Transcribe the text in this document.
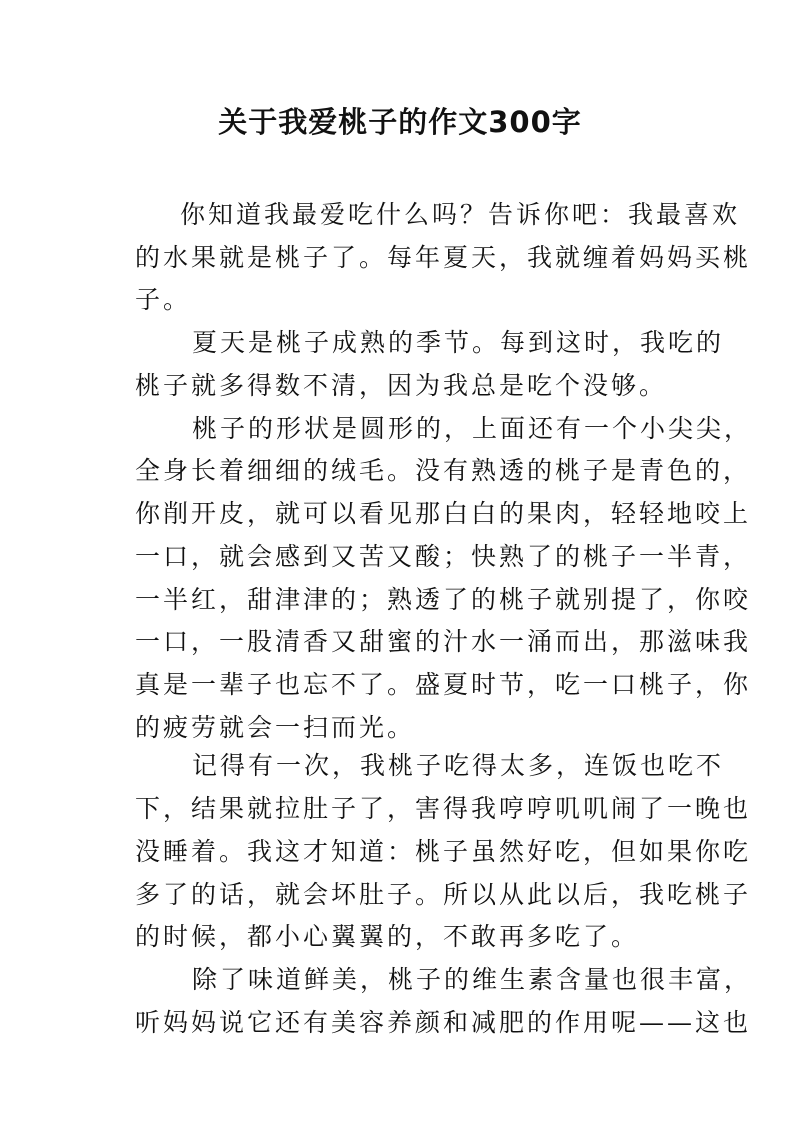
关于我爱桃子的作文300字
你知道我最爱吃什么吗？告诉你吧：我最喜欢
的水果就是桃子了。每年夏天，我就缠着妈妈买桃
子。
夏天是桃子成熟的季节。每到这时，我吃的
桃子就多得数不清，因为我总是吃个没够。
桃子的形状是圆形的，上面还有一个小尖尖，
全身长着细细的绒毛。没有熟透的桃子是青色的，
你削开皮，就可以看见那白白的果肉，轻轻地咬上
一口，就会感到又苦又酸；快熟了的桃子一半青，
一半红，甜津津的；熟透了的桃子就别提了，你咬
一口，一股清香又甜蜜的汁水一涌而出，那滋味我
真是一辈子也忘不了。盛夏时节，吃一口桃子，你
的疲劳就会一扫而光。
记得有一次，我桃子吃得太多，连饭也吃不
下，结果就拉肚子了，害得我哼哼叽叽闹了一晚也
没睡着。我这才知道：桃子虽然好吃，但如果你吃
多了的话，就会坏肚子。所以从此以后，我吃桃子
的时候，都小心翼翼的，不敢再多吃了。
除了味道鲜美，桃子的维生素含量也很丰富，
听妈妈说它还有美容养颜和减肥的作用呢——这也
